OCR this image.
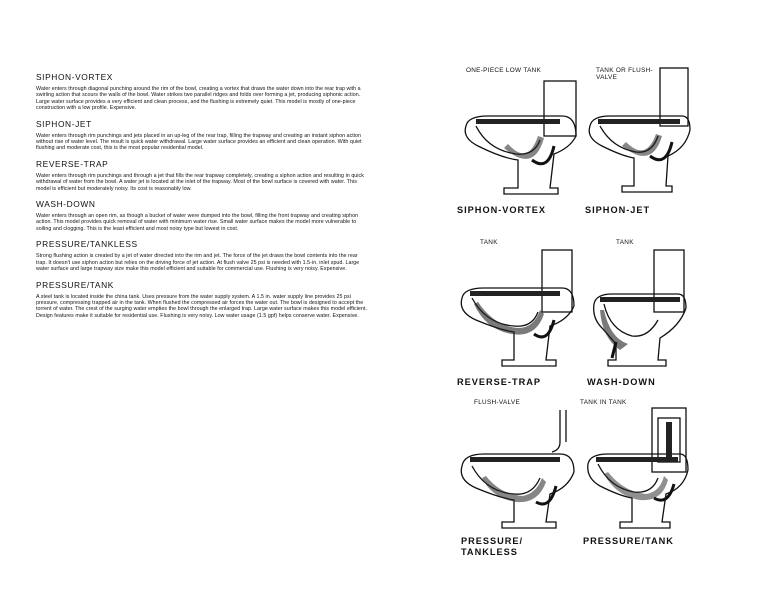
SIPHON-VORTEX

Water enters through diagonal punching around the rim of the bowl, creating a vortex that draws the water down into the rear trap with a swirling action that scours the walls of the bowl. Water strikes two parallel ridges and folds over forming a jet, producing siphonic action. Large water surface provides a very efficient and clean process, and the flushing is extremely quiet. This model is mostly of one-piece construction with a low profile. Expensive.

SIPHON-JET

Water enters through rim punchings and jets placed in an up-leg of the rear trap, filling the trapway and creating an instant siphon action without rise of water level. The result is quick water withdrawal. Large water surface provides an efficient and clean operation. With quiet flushing and moderate cost, this is the most popular residential model.

REVERSE-TRAP

Water enters through rim punchings and through a jet that fills the rear trapway completely, creating a siphon action and resulting in quick withdrawal of water from the bowl. A water jet is located at the inlet of the trapway. Most of the bowl surface is covered with water. This model is efficient but moderately noisy. Its cost is reasonably low.

WASH-DOWN

Water enters through an open rim, as though a bucket of water were dumped into the bowl, filling the front trapway and creating siphon action. This model provides quick removal of water with minimum water rise. Small water surface makes the model more vulnerable to soiling and clogging. This is the least efficient and most noisy type but lowest in cost.

PRESSURE/TANKLESS

Strong flushing action is created by a jet of water directed into the rim and jet. The force of the jet draws the bowl contents into the rear trap. It doesn't use siphon action but relies on the driving force of jet action. At flush valve 25 psi is needed with 1.5-in. inlet spud. Large water surface and large trapway size make this model efficient and suitable for commercial use. Flushing is very noisy. Expensive.

PRESSURE/TANK

A steel tank is located inside the china tank. Uses pressure from the water supply system. A 1.5 in. water supply line provides 25 psi pressure, compressing trapped air in the tank. When flushed the compressed air forces the water out. The bowl is designed to accept the torrent of water. The crest of the surging water empties the bowl through the enlarged trap. Large water surface makes this model efficient. Design features make it suitable for residential use. Flushing is very noisy. Low water usage (1.5 gpf) helps conserve water. Expensive.

ONE-PIECE LOW TANK
SIPHON-VORTEX
TANK OR FLUSH-VALVE
SIPHON-JET
TANK
REVERSE-TRAP
TANK
WASH-DOWN
FLUSH-VALVE
PRESSURE/
TANKLESS
TANK IN TANK
PRESSURE/TANK
